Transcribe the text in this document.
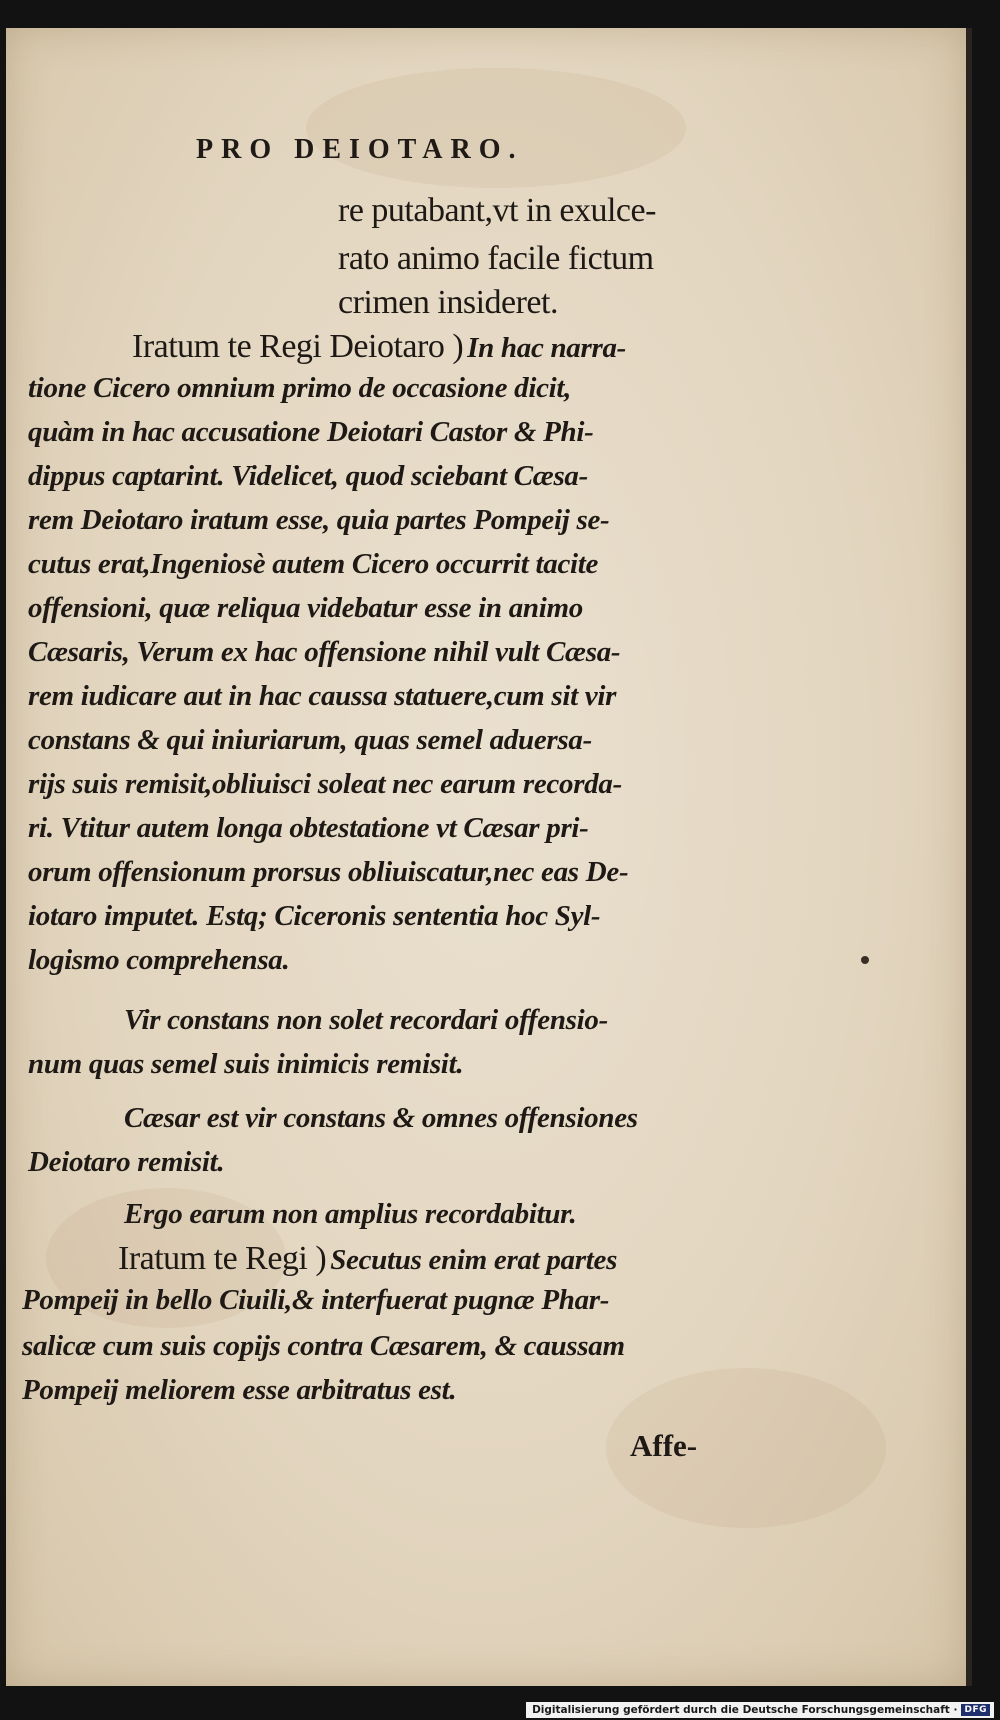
PRO DEIOTARO.
re putabant,vt in exulce-
rato animo facile fictum
crimen insideret.
Iratum te Regi Deiotaro ) In hac narra-
tione Cicero omnium primo de occasione dicit,
quàm in hac accusatione Deiotari Castor & Phi-
dippus captarint. Videlicet, quod sciebant Cæsa-
rem Deiotaro iratum esse, quia partes Pompeij se-
cutus erat,Ingeniosè autem Cicero occurrit tacite
offensioni, quæ reliqua videbatur esse in animo
Cæsaris, Verum ex hac offensione nihil vult Cæsa-
rem iudicare aut in hac caussa statuere,cum sit vir
constans & qui iniuriarum, quas semel aduersa-
rijs suis remisit,obliuisci soleat nec earum recorda-
ri. Vtitur autem longa obtestatione vt Cæsar pri-
orum offensionum prorsus obliuiscatur,nec eas De-
iotaro imputet. Estq; Ciceronis sententia hoc Syl-
logismo comprehensa.
Vir constans non solet recordari offensio-
num quas semel suis inimicis remisit.
Cæsar est vir constans & omnes offensiones
Deiotaro remisit.
Ergo earum non amplius recordabitur.
Iratum te Regi ) Secutus enim erat partes
Pompeij in bello Ciuili,& interfuerat pugnæ Phar-
salicæ cum suis copijs contra Cæsarem, & caussam
Pompeij meliorem esse arbitratus est.
Affe-
Digitalisierung gefördert durch die Deutsche Forschungsgemeinschaft · DFG
